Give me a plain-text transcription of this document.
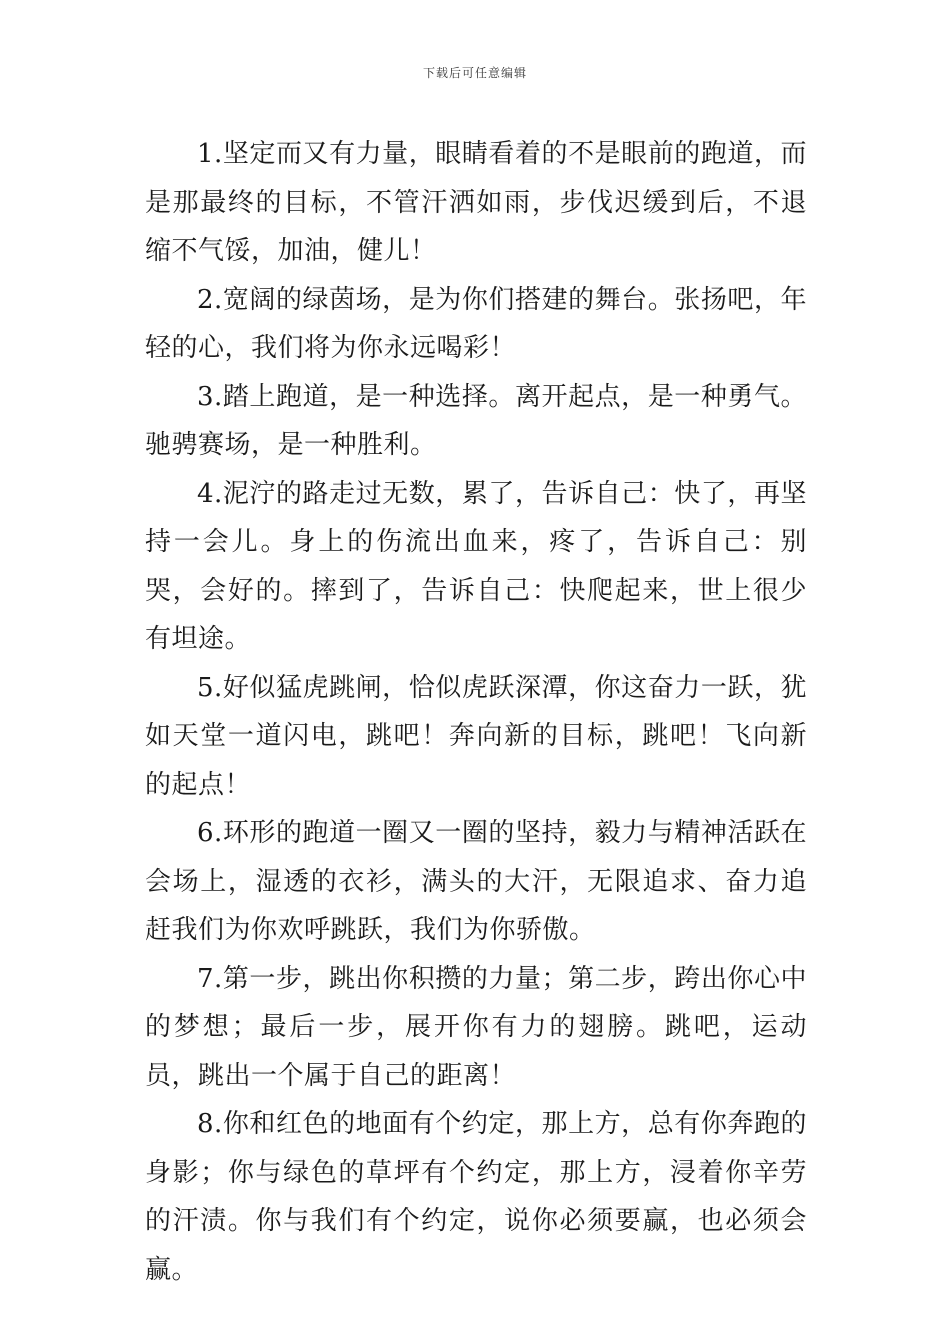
下载后可任意编辑

1.坚定而又有力量，眼睛看着的不是眼前的跑道，而是那最终的目标，不管汗洒如雨，步伐迟缓到后，不退缩不气馁，加油，健儿！

2.宽阔的绿茵场，是为你们搭建的舞台。张扬吧，年轻的心，我们将为你永远喝彩！

3.踏上跑道，是一种选择。离开起点，是一种勇气。驰骋赛场，是一种胜利。

4.泥泞的路走过无数，累了，告诉自己：快了，再坚持一会儿。身上的伤流出血来，疼了，告诉自己：别哭，会好的。摔到了，告诉自己：快爬起来，世上很少有坦途。

5.好似猛虎跳闸，恰似虎跃深潭，你这奋力一跃，犹如天堂一道闪电，跳吧！奔向新的目标，跳吧！飞向新的起点！

6.环形的跑道一圈又一圈的坚持，毅力与精神活跃在会场上，湿透的衣衫，满头的大汗，无限追求、奋力追赶我们为你欢呼跳跃，我们为你骄傲。

7.第一步，跳出你积攒的力量；第二步，跨出你心中的梦想；最后一步，展开你有力的翅膀。跳吧，运动员，跳出一个属于自己的距离！

8.你和红色的地面有个约定，那上方，总有你奔跑的身影；你与绿色的草坪有个约定，那上方，浸着你辛劳的汗渍。你与我们有个约定，说你必须要赢，也必须会赢。
